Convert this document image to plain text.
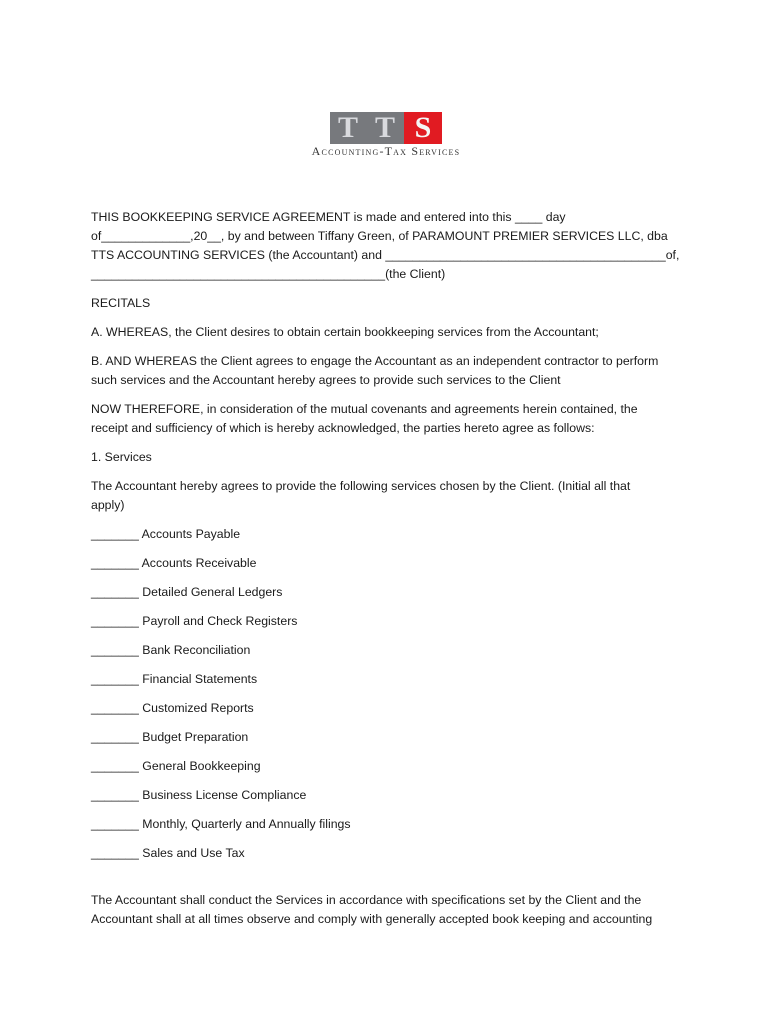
T T S
Accounting-Tax Services
THIS BOOKKEEPING SERVICE AGREEMENT is made and entered into this ____ day
of_____________,20__, by and between Tiffany Green, of PARAMOUNT PREMIER SERVICES LLC, dba
TTS ACCOUNTING SERVICES (the Accountant) and _________________________________________of,
___________________________________________(the Client)

RECITALS

A. WHEREAS, the Client desires to obtain certain bookkeeping services from the Accountant;

B. AND WHEREAS the Client agrees to engage the Accountant as an independent contractor to perform
such services and the Accountant hereby agrees to provide such services to the Client
NOW THEREFORE, in consideration of the mutual covenants and agreements herein contained, the
receipt and sufficiency of which is hereby acknowledged, the parties hereto agree as follows:

1. Services

The Accountant hereby agrees to provide the following services chosen by the Client. (Initial all that
apply)
_______ Accounts Payable
_______ Accounts Receivable
_______ Detailed General Ledgers
_______ Payroll and Check Registers
_______ Bank Reconciliation
_______ Financial Statements
_______ Customized Reports
_______ Budget Preparation
_______ General Bookkeeping
_______ Business License Compliance
_______ Monthly, Quarterly and Annually filings
_______ Sales and Use Tax
The Accountant shall conduct the Services in accordance with specifications set by the Client and the
Accountant shall at all times observe and comply with generally accepted book keeping and accounting
